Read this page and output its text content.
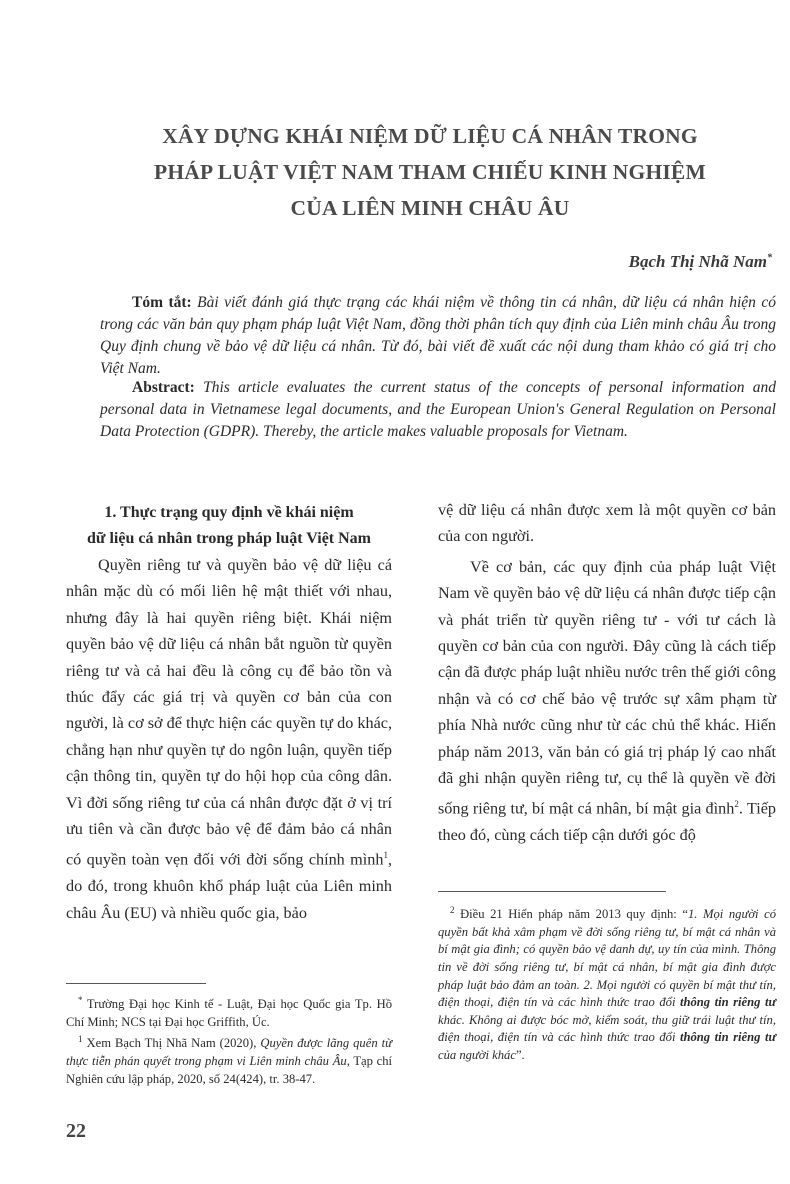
XÂY DỰNG KHÁI NIỆM DỮ LIỆU CÁ NHÂN TRONG
PHÁP LUẬT VIỆT NAM THAM CHIẾU KINH NGHIỆM
CỦA LIÊN MINH CHÂU ÂU
Bạch Thị Nhã Nam*
Tóm tắt: Bài viết đánh giá thực trạng các khái niệm về thông tin cá nhân, dữ liệu cá nhân hiện có trong các văn bản quy phạm pháp luật Việt Nam, đồng thời phân tích quy định của Liên minh châu Âu trong Quy định chung về bảo vệ dữ liệu cá nhân. Từ đó, bài viết đề xuất các nội dung tham khảo có giá trị cho Việt Nam.
Abstract: This article evaluates the current status of the concepts of personal information and personal data in Vietnamese legal documents, and the European Union's General Regulation on Personal Data Protection (GDPR). Thereby, the article makes valuable proposals for Vietnam.
1. Thực trạng quy định về khái niệm
dữ liệu cá nhân trong pháp luật Việt Nam

Quyền riêng tư và quyền bảo vệ dữ liệu cá nhân mặc dù có mối liên hệ mật thiết với nhau, nhưng đây là hai quyền riêng biệt. Khái niệm quyền bảo vệ dữ liệu cá nhân bắt nguồn từ quyền riêng tư và cả hai đều là công cụ để bảo tồn và thúc đẩy các giá trị và quyền cơ bản của con người, là cơ sở để thực hiện các quyền tự do khác, chẳng hạn như quyền tự do ngôn luận, quyền tiếp cận thông tin, quyền tự do hội họp của công dân. Vì đời sống riêng tư của cá nhân được đặt ở vị trí ưu tiên và cần được bảo vệ để đảm bảo cá nhân có quyền toàn vẹn đối với đời sống chính mình$^1$, do đó, trong khuôn khổ pháp luật của Liên minh châu Âu (EU) và nhiều quốc gia, bảo

vệ dữ liệu cá nhân được xem là một quyền cơ bản của con người.

Về cơ bản, các quy định của pháp luật Việt Nam về quyền bảo vệ dữ liệu cá nhân được tiếp cận và phát triển từ quyền riêng tư - với tư cách là quyền cơ bản của con người. Đây cũng là cách tiếp cận đã được pháp luật nhiều nước trên thế giới công nhận và có cơ chế bảo vệ trước sự xâm phạm từ phía Nhà nước cũng như từ các chủ thể khác. Hiến pháp năm 2013, văn bản có giá trị pháp lý cao nhất đã ghi nhận quyền riêng tư, cụ thể là quyền về đời sống riêng tư, bí mật cá nhân, bí mật gia đình$^2$. Tiếp theo đó, cùng cách tiếp cận dưới góc độ

* Trường Đại học Kinh tế - Luật, Đại học Quốc gia Tp. Hồ Chí Minh; NCS tại Đại học Griffith, Úc.

$^1$ Xem Bạch Thị Nhã Nam (2020), Quyền được lãng quên từ thực tiễn phán quyết trong phạm vi Liên minh châu Âu, Tạp chí Nghiên cứu lập pháp, 2020, số 24(424), tr. 38-47.

$^2$ Điều 21 Hiến pháp năm 2013 quy định: “1. Mọi người có quyền bất khả xâm phạm về đời sống riêng tư, bí mật cá nhân và bí mật gia đình; có quyền bảo vệ danh dự, uy tín của mình. Thông tin về đời sống riêng tư, bí mật cá nhân, bí mật gia đình được pháp luật bảo đảm an toàn. 2. Mọi người có quyền bí mật thư tín, điện thoại, điện tín và các hình thức trao đổi thông tin riêng tư khác. Không ai được bóc mở, kiểm soát, thu giữ trái luật thư tín, điện thoại, điện tín và các hình thức trao đổi thông tin riêng tư của người khác”.

22
